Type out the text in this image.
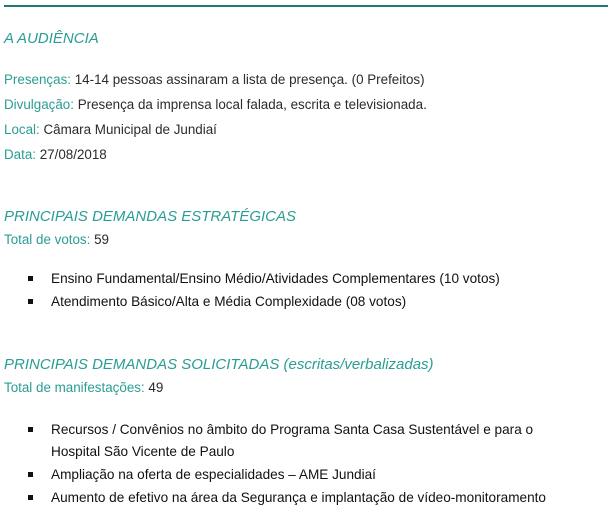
A AUDIÊNCIA
Presenças: 14-14 pessoas assinaram a lista de presença. (0 Prefeitos)
Divulgação: Presença da imprensa local falada, escrita e televisionada.
Local: Câmara Municipal de Jundiaí
Data: 27/08/2018
PRINCIPAIS DEMANDAS ESTRATÉGICAS
Total de votos: 59
Ensino Fundamental/Ensino Médio/Atividades Complementares (10 votos)
Atendimento Básico/Alta e Média Complexidade (08 votos)
PRINCIPAIS DEMANDAS SOLICITADAS (escritas/verbalizadas)
Total de manifestações: 49
Recursos / Convênios no âmbito do Programa Santa Casa Sustentável e para o
Hospital São Vicente de Paulo
Ampliação na oferta de especialidades – AME Jundiaí
Aumento de efetivo na área da Segurança e implantação de vídeo-monitoramento
